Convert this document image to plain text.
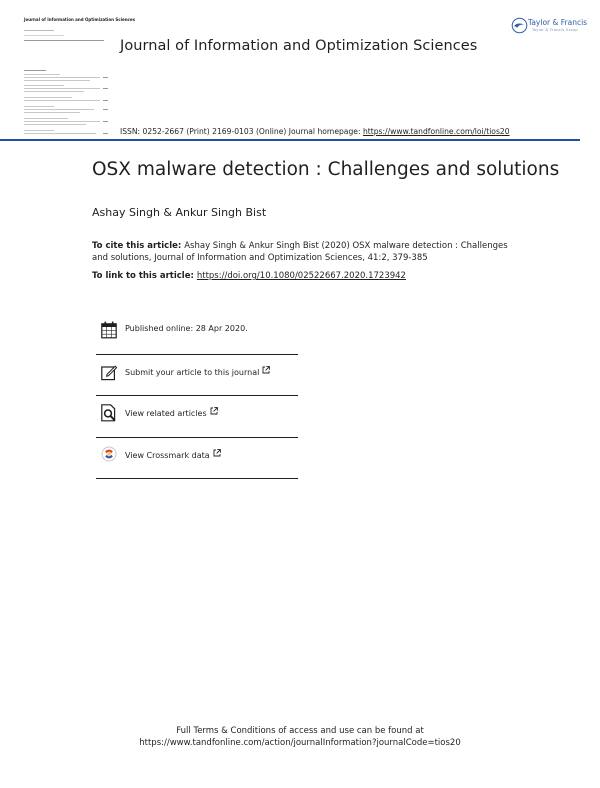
Journal of Information and Optimization Sciences
Journal of Information and Optimization Sciences
ISSN: 0252-2667 (Print) 2169-0103 (Online) Journal homepage: https://www.tandfonline.com/loi/tios20
Taylor & Francis
Taylor & Francis Group
OSX malware detection : Challenges and solutions
Ashay Singh & Ankur Singh Bist
To cite this article: Ashay Singh & Ankur Singh Bist (2020) OSX malware detection : Challenges and solutions, Journal of Information and Optimization Sciences, 41:2, 379-385
To link to this article: https://doi.org/10.1080/02522667.2020.1723942
Published online: 28 Apr 2020.
Submit your article to this journal
View related articles
View Crossmark data
Full Terms & Conditions of access and use can be found at
https://www.tandfonline.com/action/journalInformation?journalCode=tios20
